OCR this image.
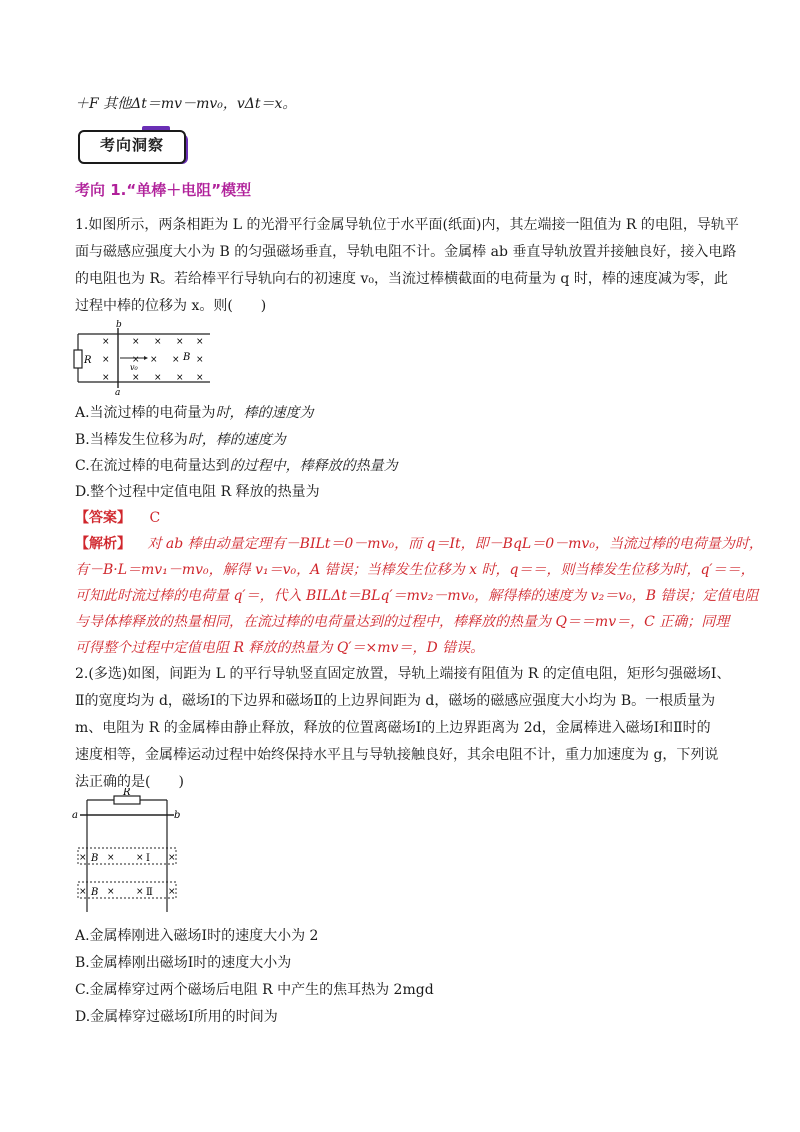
＋F 其他Δt＝mv－mv₀，vΔt＝x。
考向洞察
考向 1.“单棒＋电阻”模型
1.如图所示，两条相距为 L 的光滑平行金属导轨位于水平面(纸面)内，其左端接一阻值为 R 的电阻，导轨平
面与磁感应强度大小为 B 的匀强磁场垂直，导轨电阻不计。金属棒 ab 垂直导轨放置并接触良好，接入电路
的电阻也为 R。若给棒平行导轨向右的初速度 v₀，当流过棒横截面的电荷量为 q 时，棒的速度减为零，此
过程中棒的位移为 x。则(　　)
R
b
a
× × × × ×
× × × × B ×
v₀
× × × × ×
A.当流过棒的电荷量为时，棒的速度为
B.当棒发生位移为时，棒的速度为
C.在流过棒的电荷量达到的过程中，棒释放的热量为
D.整个过程中定值电阻 R 释放的热量为
【答案】 C
【解析】 对 ab 棒由动量定理有－BILt＝0－mv₀，而 q＝It，即－BqL＝0－mv₀，当流过棒的电荷量为时，
有－B·L＝mv₁－mv₀，解得 v₁＝v₀，A 错误；当棒发生位移为 x 时，q＝＝，则当棒发生位移为时，q′＝＝，
可知此时流过棒的电荷量 q′＝，代入 BILΔt＝BLq′＝mv₂－mv₀，解得棒的速度为 v₂＝v₀，B 错误；定值电阻
与导体棒释放的热量相同，在流过棒的电荷量达到的过程中，棒释放的热量为 Q＝＝mv＝，C 正确；同理
可得整个过程中定值电阻 R 释放的热量为 Q′＝×mv＝，D 错误。
2.(多选)如图，间距为 L 的平行导轨竖直固定放置，导轨上端接有阻值为 R 的定值电阻，矩形匀强磁场Ⅰ、
Ⅱ的宽度均为 d，磁场Ⅰ的下边界和磁场Ⅱ的上边界间距为 d，磁场的磁感应强度大小均为 B。一根质量为
m、电阻为 R 的金属棒由静止释放，释放的位置离磁场Ⅰ的上边界距离为 2d，金属棒进入磁场Ⅰ和Ⅱ时的
速度相等，金属棒运动过程中始终保持水平且与导轨接触良好，其余电阻不计，重力加速度为 g，下列说
法正确的是(　　)
R
a	b
× B × × Ⅰ ×
× B × × Ⅱ ×
A.金属棒刚进入磁场Ⅰ时的速度大小为 2
B.金属棒刚出磁场Ⅰ时的速度大小为
C.金属棒穿过两个磁场后电阻 R 中产生的焦耳热为 2mgd
D.金属棒穿过磁场Ⅰ所用的时间为
